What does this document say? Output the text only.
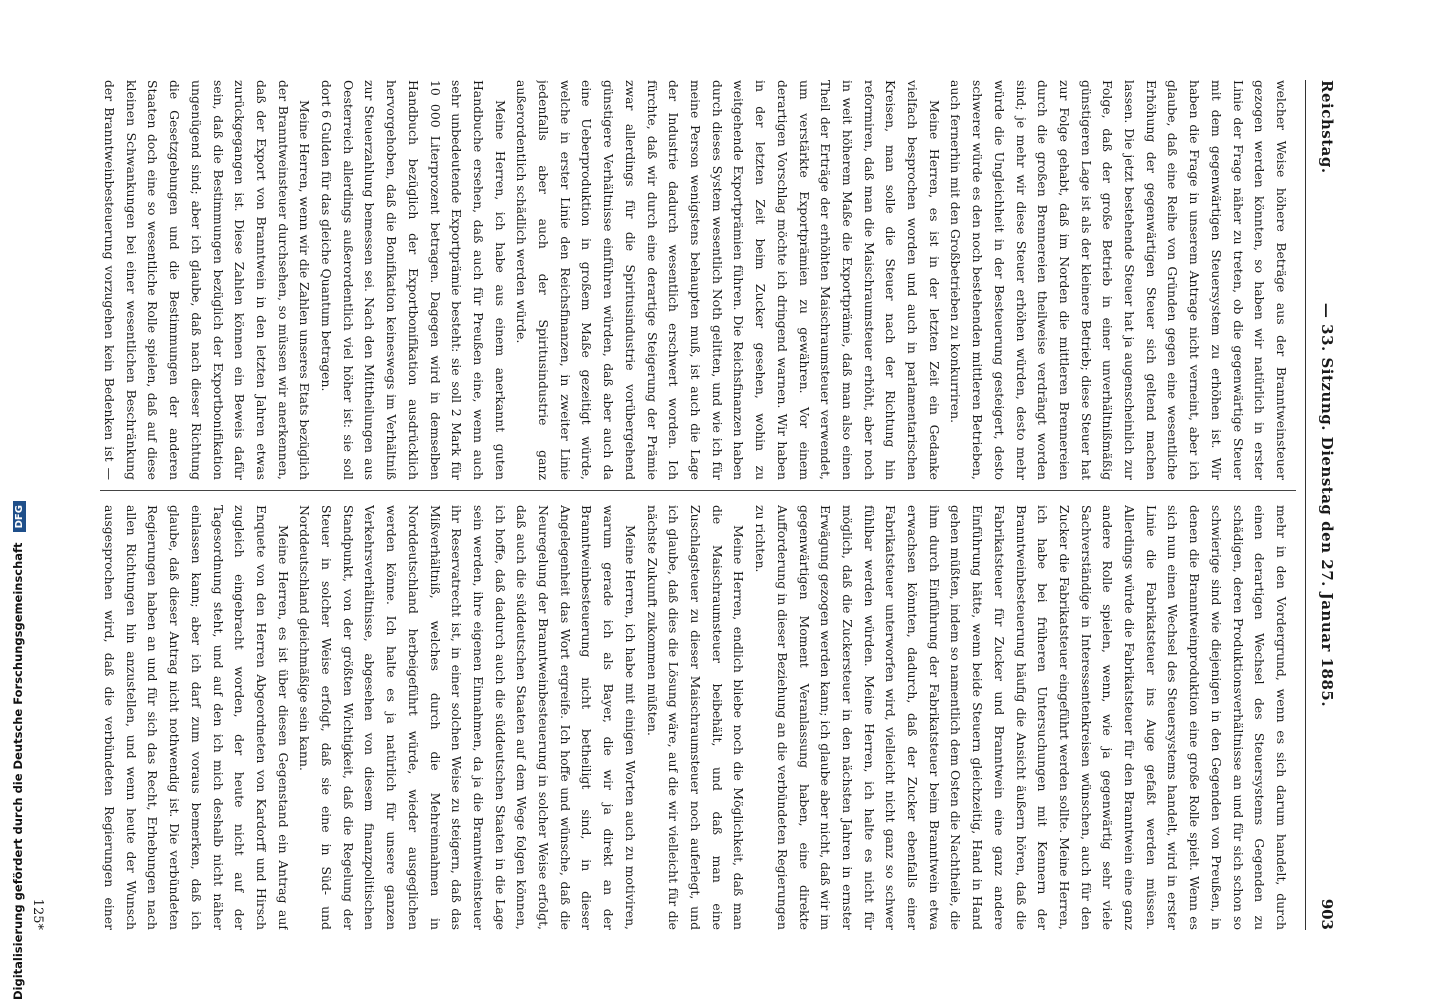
Reichstag.
— 33. Sitzung. Dienstag den 27. Januar 1885.
903

welcher Weise höhere Beträge aus der Branntweinsteuer gezogen werden könnten, so haben wir natürlich in erster Linie der Frage näher zu treten, ob die gegenwärtige Steuer mit dem gegenwärtigen Steuersystem zu erhöhen ist. Wir haben die Frage in unserem Antrage nicht verneint, aber ich glaube, daß eine Reihe von Gründen gegen eine wesentliche Erhöhung der gegenwärtigen Steuer sich geltend machen lassen. Die jetzt bestehende Steuer hat ja augenscheinlich zur Folge, daß der große Betrieb in einer unverhältnißmäßig günstigeren Lage ist als der kleinere Betrieb; diese Steuer hat zur Folge gehabt, daß im Norden die mittleren Brennereien durch die großen Brennereien theilweise verdrängt worden sind; je mehr wir diese Steuer erhöhen würden, desto mehr würde die Ungleichheit in der Besteuerung gesteigert, desto schwerer würde es den noch bestehenden mittleren Betrieben, auch fernerhin mit den Großbetrieben zu konkurriren.

Meine Herren, es ist in der letzten Zeit ein Gedanke vielfach besprochen worden und auch in parlamentarischen Kreisen, man solle die Steuer nach der Richtung hin reformiren, daß man die Maischraumsteuer erhöht, aber noch in weit höherem Maße die Exportprämie, daß man also einen Theil der Erträge der erhöhten Maischraumsteuer verwendet, um verstärkte Exportprämien zu gewähren. Vor einem derartigen Vorschlag möchte ich dringend warnen. Wir haben in der letzten Zeit beim Zucker gesehen, wohin zu weitgehende Exportprämien führen. Die Reichsfinanzen haben durch dieses System wesentlich Noth gelitten, und wie ich für meine Person wenigstens behaupten muß, ist auch die Lage der Industrie dadurch wesentlich erschwert worden. Ich fürchte, daß wir durch eine derartige Steigerung der Prämie zwar allerdings für die Spiritusindustrie vorübergehend günstigere Verhältnisse einführen würden, daß aber auch da eine Ueberproduktion in großem Maße gezeitigt würde, welche in erster Linie den Reichsfinanzen, in zweiter Linie jedenfalls aber auch der Spiritusindustrie ganz außerordentlich schädlich werden würde.

Meine Herren, ich habe aus einem anerkannt guten Handbuche ersehen, daß auch für Preußen eine, wenn auch sehr unbedeutende Exportprämie besteht: sie soll 2 Mark für 10 000 Literprozent betragen. Dagegen wird in demselben Handbuch bezüglich der Exportbonifikation ausdrücklich hervorgehoben, daß die Bonifikation keineswegs im Verhältniß zur Steuerzahlung bemessen sei. Nach den Mittheilungen aus Oesterreich allerdings außerordentlich viel höher ist: sie soll dort 6 Gulden für das gleiche Quantum betragen.

Meine Herren, wenn wir die Zahlen unseres Etats bezüglich der Branntweinsteuer durchsehen, so müssen wir anerkennen, daß der Export von Branntwein in den letzten Jahren etwas zurückgegangen ist. Diese Zahlen können ein Beweis dafür sein, daß die Bestimmungen bezüglich der Exportbonifikation ungenügend sind; aber ich glaube, daß nach dieser Richtung die Gesetzgebungen und die Bestimmungen der anderen Staaten doch eine so wesentliche Rolle spielen, daß auf diese kleinen Schwankungen bei einer wesentlichen Beschränkung der Branntweinbesteuerung vorzugehen kein Bedenken ist —

mehr in den Vordergrund, wenn es sich darum handelt, durch einen derartigen Wechsel des Steuersystems Gegenden zu schädigen, deren Produktionsverhältnisse an und für sich schon so schwierige sind wie diejenigen in den Gegenden von Preußen, in denen die Branntweinproduktion eine große Rolle spielt. Wenn es sich nun einen Wechsel des Steuersystems handelt, wird in erster Linie die Fabrikatsteuer ins Auge gefaßt werden müssen. Allerdings würde die Fabrikatsteuer für den Branntwein eine ganz andere Rolle spielen, wenn, wie ja gegenwärtig sehr viele Sachverständige in Interessentenkreisen wünschen, auch für den Zucker die Fabrikatsteuer eingeführt werden sollte. Meine Herren, ich habe bei früheren Untersuchungen mit Kennern der Branntweinbesteuerung häufig die Ansicht äußern hören, daß die Fabrikatsteuer für Zucker und Branntwein eine ganz andere Einführung hätte, wenn beide Steuern gleichzeitig, Hand in Hand gehen müßten, indem so namentlich dem Osten die Nachtheile, die ihm durch Einführung der Fabrikatsteuer beim Branntwein etwa erwachsen könnten, dadurch, daß der Zucker ebenfalls einer Fabrikatsteuer unterworfen wird, vielleicht nicht ganz so schwer fühlbar werden würden. Meine Herren, ich halte es nicht für möglich, daß die Zuckersteuer in den nächsten Jahren in ernster Erwägung gezogen werden kann; ich glaube aber nicht, daß wir im gegenwärtigen Moment Veranlassung haben, eine direkte Aufforderung in dieser Beziehung an die verbündeten Regierungen zu richten.

Meine Herren, endlich bliebe noch die Möglichkeit, daß man die Maischraumsteuer beibehält, und daß man eine Zuschlagsteuer zu dieser Maischraumsteuer noch auferlegt, und ich glaube, daß dies die Lösung wäre, auf die wir vielleicht für die nächste Zukunft zukommen müßten.

Meine Herren, ich habe mit einigen Worten auch zu motiviren, warum gerade ich als Bayer, die wir ja direkt an der Branntweinbesteuerung nicht betheiligt sind, in dieser Angelegenheit das Wort ergreife. Ich hoffe und wünsche, daß die Neuregelung der Branntweinbesteuerung in solcher Weise erfolgt, daß auch die süddeutschen Staaten auf dem Wege folgen können, ich hoffe, daß dadurch auch die süddeutschen Staaten in die Lage sein werden, ihre eigenen Einnahmen, da ja die Branntweinsteuer ihr Reservatrecht ist, in einer solchen Weise zu steigern, daß das Mißverhältniß, welches durch die Mehreinnahmen in Norddeutschland herbeigeführt würde, wieder ausgeglichen werden könne. Ich halte es ja natürlich für unsere ganzen Verkehrsverhältnisse, abgesehen von diesem finanzpolitischen Standpunkt, von der größten Wichtigkeit, daß die Regelung der Steuer in solcher Weise erfolgt, daß sie eine in Süd- und Norddeutschland gleichmäßige sein kann.

Meine Herren, es ist über diesen Gegenstand ein Antrag auf Enquete von den Herren Abgeordneten von Kardorff und Hirsch zugleich eingebracht worden, der heute nicht auf der Tagesordnung steht, und auf den ich mich deshalb nicht näher einlassen kann; aber ich darf zum voraus bemerken, daß ich glaube, daß dieser Antrag nicht nothwendig ist. Die verbündeten Regierungen haben an und für sich das Recht, Erhebungen nach allen Richtungen hin anzustellen, und wenn heute der Wunsch ausgesprochen wird, daß die verbündeten Regierungen einer

125*
Digitalisierung gefördert durch die Deutsche Forschungsgemeinschaft DFG
